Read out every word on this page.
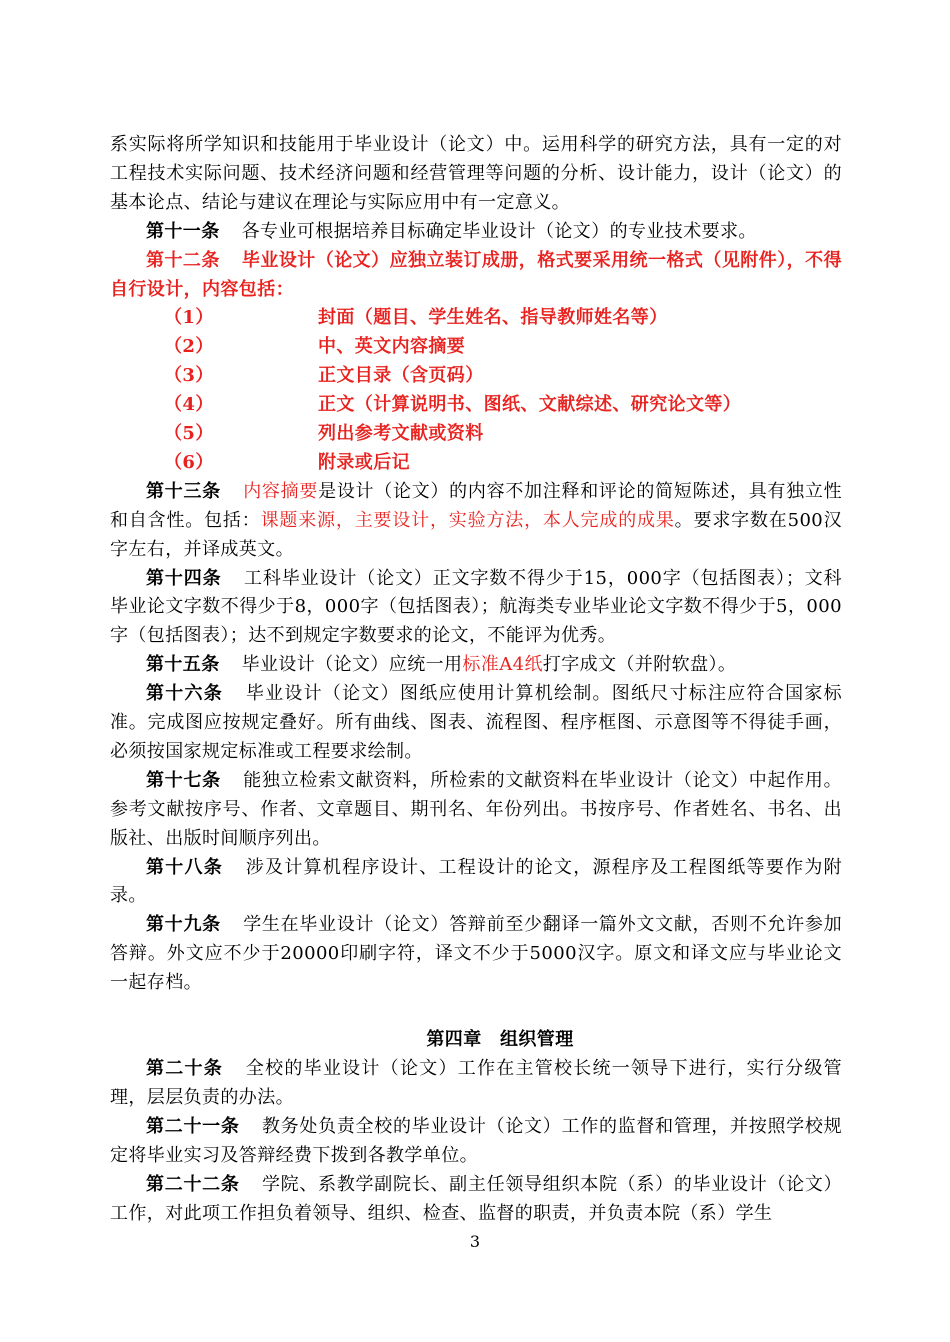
系实际将所学知识和技能用于毕业设计（论文）中。运用科学的研究方法，具有一定的对工程技术实际问题、技术经济问题和经营管理等问题的分析、设计能力，设计（论文）的基本论点、结论与建议在理论与实际应用中有一定意义。

第十一条 各专业可根据培养目标确定毕业设计（论文）的专业技术要求。

第十二条 毕业设计（论文）应独立装订成册，格式要采用统一格式（见附件），不得自行设计，内容包括：

（1）	封面（题目、学生姓名、指导教师姓名等）
（2）	中、英文内容摘要
（3）	正文目录（含页码）
（4）	正文（计算说明书、图纸、文献综述、研究论文等）
（5）	列出参考文献或资料
（6）	附录或后记

第十三条 内容摘要是设计（论文）的内容不加注释和评论的简短陈述，具有独立性和自含性。包括：课题来源，主要设计，实验方法，本人完成的成果。要求字数在500汉字左右，并译成英文。

第十四条 工科毕业设计（论文）正文字数不得少于15，000字（包括图表）；文科毕业论文字数不得少于8，000字（包括图表）；航海类专业毕业论文字数不得少于5，000字（包括图表）；达不到规定字数要求的论文，不能评为优秀。

第十五条 毕业设计（论文）应统一用标准A4纸打字成文（并附软盘）。

第十六条 毕业设计（论文）图纸应使用计算机绘制。图纸尺寸标注应符合国家标准。完成图应按规定叠好。所有曲线、图表、流程图、程序框图、示意图等不得徒手画，必须按国家规定标准或工程要求绘制。

第十七条 能独立检索文献资料，所检索的文献资料在毕业设计（论文）中起作用。参考文献按序号、作者、文章题目、期刊名、年份列出。书按序号、作者姓名、书名、出版社、出版时间顺序列出。

第十八条 涉及计算机程序设计、工程设计的论文，源程序及工程图纸等要作为附录。

第十九条 学生在毕业设计（论文）答辩前至少翻译一篇外文文献，否则不允许参加答辩。外文应不少于20000印刷字符，译文不少于5000汉字。原文和译文应与毕业论文一起存档。

第四章　组织管理

第二十条 全校的毕业设计（论文）工作在主管校长统一领导下进行，实行分级管理，层层负责的办法。

第二十一条 教务处负责全校的毕业设计（论文）工作的监督和管理，并按照学校规定将毕业实习及答辩经费下拨到各教学单位。

第二十二条 学院、系教学副院长、副主任领导组织本院（系）的毕业设计（论文）工作，对此项工作担负着领导、组织、检查、监督的职责，并负责本院（系）学生

3
